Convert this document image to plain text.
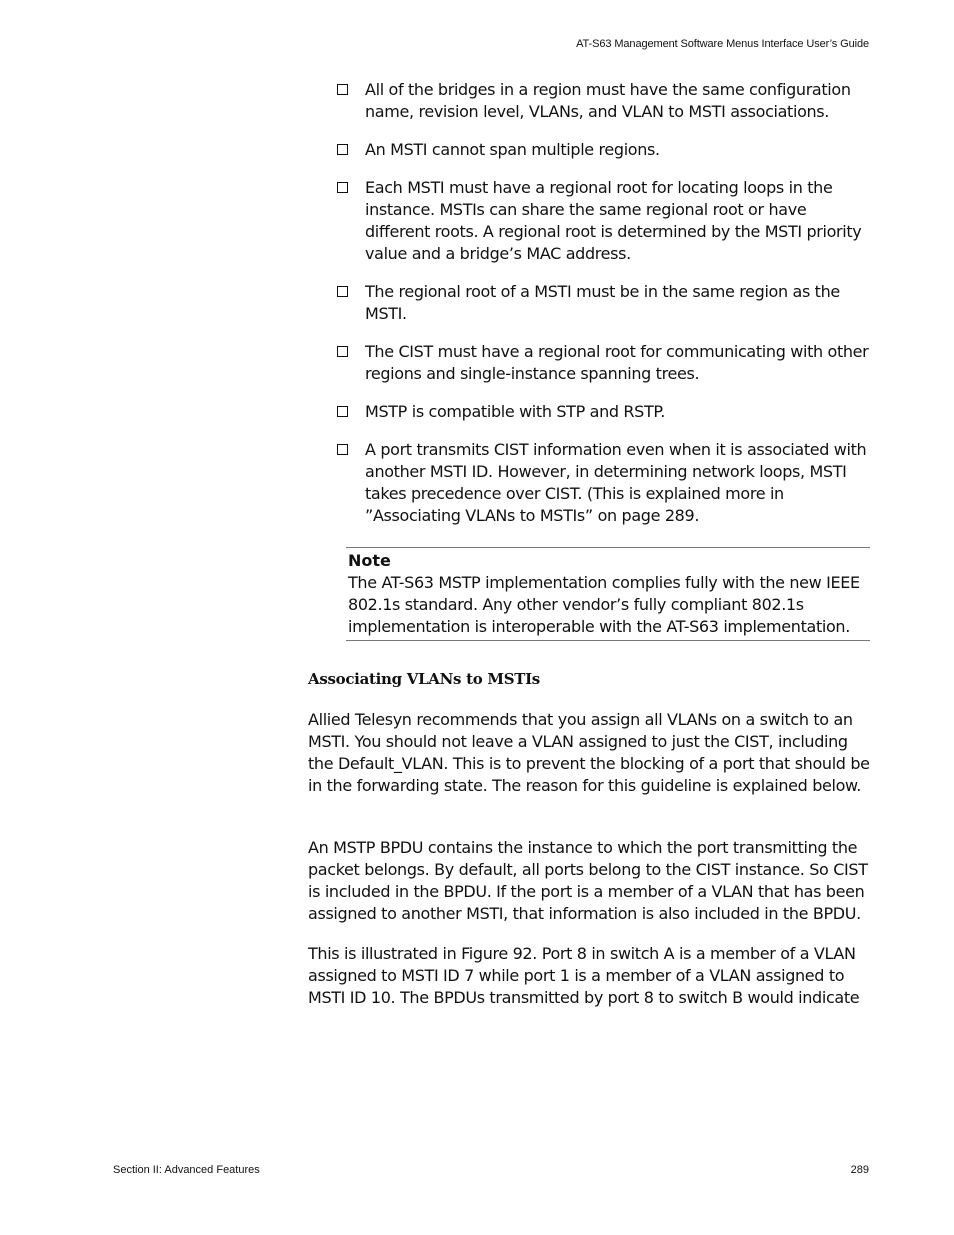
AT-S63 Management Software Menus Interface User’s Guide
All of the bridges in a region must have the same configuration name, revision level, VLANs, and VLAN to MSTI associations.
An MSTI cannot span multiple regions.
Each MSTI must have a regional root for locating loops in the instance. MSTIs can share the same regional root or have different roots. A regional root is determined by the MSTI priority value and a bridge’s MAC address.
The regional root of a MSTI must be in the same region as the MSTI.
The CIST must have a regional root for communicating with other regions and single-instance spanning trees.
MSTP is compatible with STP and RSTP.
A port transmits CIST information even when it is associated with another MSTI ID. However, in determining network loops, MSTI takes precedence over CIST. (This is explained more in ”Associating VLANs to MSTIs” on page 289.
Note
The AT-S63 MSTP implementation complies fully with the new IEEE 802.1s standard. Any other vendor’s fully compliant 802.1s implementation is interoperable with the AT-S63 implementation.
Associating VLANs to MSTIs

Allied Telesyn recommends that you assign all VLANs on a switch to an MSTI. You should not leave a VLAN assigned to just the CIST, including the Default_VLAN. This is to prevent the blocking of a port that should be in the forwarding state. The reason for this guideline is explained below.

An MSTP BPDU contains the instance to which the port transmitting the packet belongs. By default, all ports belong to the CIST instance. So CIST is included in the BPDU. If the port is a member of a VLAN that has been assigned to another MSTI, that information is also included in the BPDU.

This is illustrated in Figure 92. Port 8 in switch A is a member of a VLAN assigned to MSTI ID 7 while port 1 is a member of a VLAN assigned to MSTI ID 10. The BPDUs transmitted by port 8 to switch B would indicate

Section II: Advanced Features	289
